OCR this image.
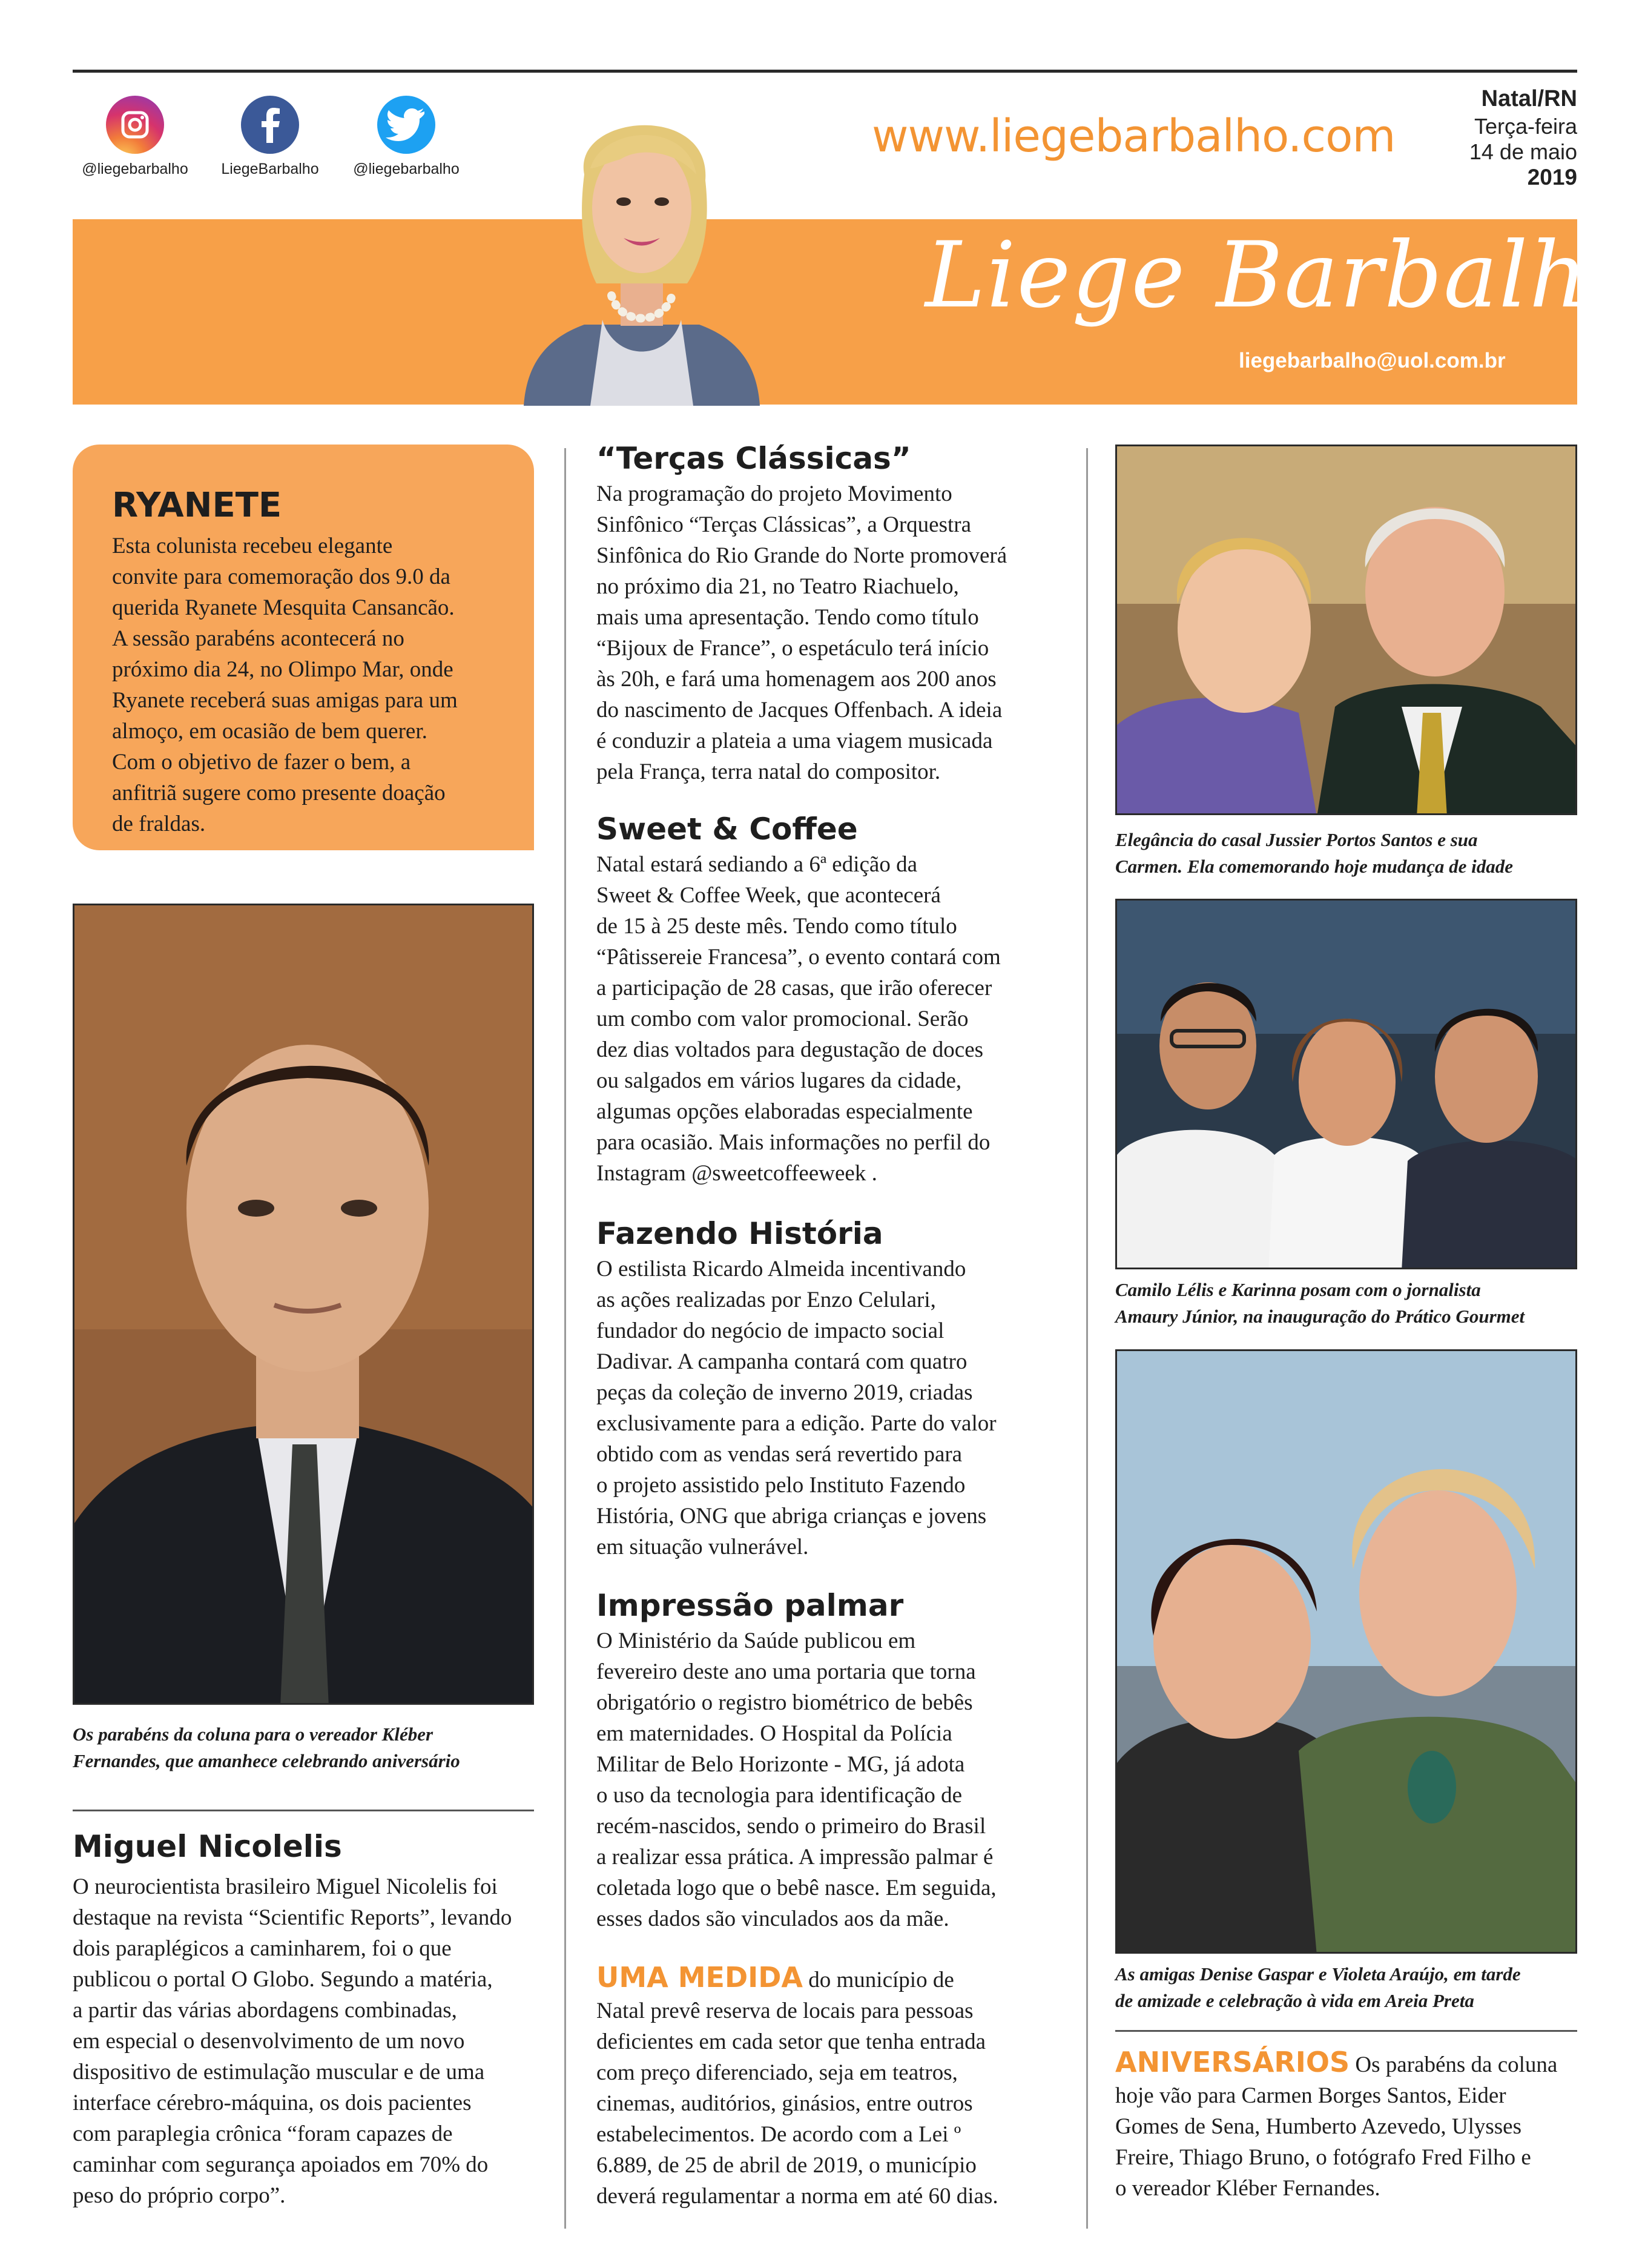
@liegebarbalho	LiegeBarbalho	@liegebarbalho
www.liegebarbalho.com
Natal/RN
Terça-feira
14 de maio
2019
Liege Barbalho
liegebarbalho@uol.com.br
RYANETE
Esta colunista recebeu elegante
convite para comemoração dos 9.0 da
querida Ryanete Mesquita Cansancão.
A sessão parabéns acontecerá no
próximo dia 24, no Olimpo Mar, onde
Ryanete receberá suas amigas para um
almoço, em ocasião de bem querer.
Com o objetivo de fazer o bem, a
anfitriã sugere como presente doação
de fraldas.
Os parabéns da coluna para o vereador Kléber
Fernandes, que amanhece celebrando aniversário
Miguel Nicolelis
O neurocientista brasileiro Miguel Nicolelis foi
destaque na revista “Scientific Reports”, levando
dois paraplégicos a caminharem, foi o que
publicou o portal O Globo. Segundo a matéria,
a partir das várias abordagens combinadas,
em especial o desenvolvimento de um novo
dispositivo de estimulação muscular e de uma
interface cérebro-máquina, os dois pacientes
com paraplegia crônica “foram capazes de
caminhar com segurança apoiados em 70% do
peso do próprio corpo”.
“Terças Clássicas”
Na programação do projeto Movimento
Sinfônico “Terças Clássicas”, a Orquestra
Sinfônica do Rio Grande do Norte promoverá
no próximo dia 21, no Teatro Riachuelo,
mais uma apresentação. Tendo como título
“Bijoux de France”, o espetáculo terá início
às 20h, e fará uma homenagem aos 200 anos
do nascimento de Jacques Offenbach. A ideia
é conduzir a plateia a uma viagem musicada
pela França, terra natal do compositor.
Sweet & Coffee
Natal estará sediando a 6ª edição da
Sweet & Coffee Week, que acontecerá
de 15 à 25 deste mês. Tendo como título
“Pâtissereie Francesa”, o evento contará com
a participação de 28 casas, que irão oferecer
um combo com valor promocional. Serão
dez dias voltados para degustação de doces
ou salgados em vários lugares da cidade,
algumas opções elaboradas especialmente
para ocasião. Mais informações no perfil do
Instagram @sweetcoffeeweek .
Fazendo História
O estilista Ricardo Almeida incentivando
as ações realizadas por Enzo Celulari,
fundador do negócio de impacto social
Dadivar. A campanha contará com quatro
peças da coleção de inverno 2019, criadas
exclusivamente para a edição. Parte do valor
obtido com as vendas será revertido para
o projeto assistido pelo Instituto Fazendo
História, ONG que abriga crianças e jovens
em situação vulnerável.
Impressão palmar
O Ministério da Saúde publicou em
fevereiro deste ano uma portaria que torna
obrigatório o registro biométrico de bebês
em maternidades. O Hospital da Polícia
Militar de Belo Horizonte - MG, já adota
o uso da tecnologia para identificação de
recém-nascidos, sendo o primeiro do Brasil
a realizar essa prática. A impressão palmar é
coletada logo que o bebê nasce. Em seguida,
esses dados são vinculados aos da mãe.
UMA MEDIDA do município de
Natal prevê reserva de locais para pessoas
deficientes em cada setor que tenha entrada
com preço diferenciado, seja em teatros,
cinemas, auditórios, ginásios, entre outros
estabelecimentos. De acordo com a Lei º
6.889, de 25 de abril de 2019, o município
deverá regulamentar a norma em até 60 dias.
Elegância do casal Jussier Portos Santos e sua
Carmen. Ela comemorando hoje mudança de idade
Camilo Lélis e Karinna posam com o jornalista
Amaury Júnior, na inauguração do Prático Gourmet
As amigas Denise Gaspar e Violeta Araújo, em tarde
de amizade e celebração à vida em Areia Preta
ANIVERSÁRIOS Os parabéns da coluna
hoje vão para Carmen Borges Santos, Eider
Gomes de Sena, Humberto Azevedo, Ulysses
Freire, Thiago Bruno, o fotógrafo Fred Filho e
o vereador Kléber Fernandes.
